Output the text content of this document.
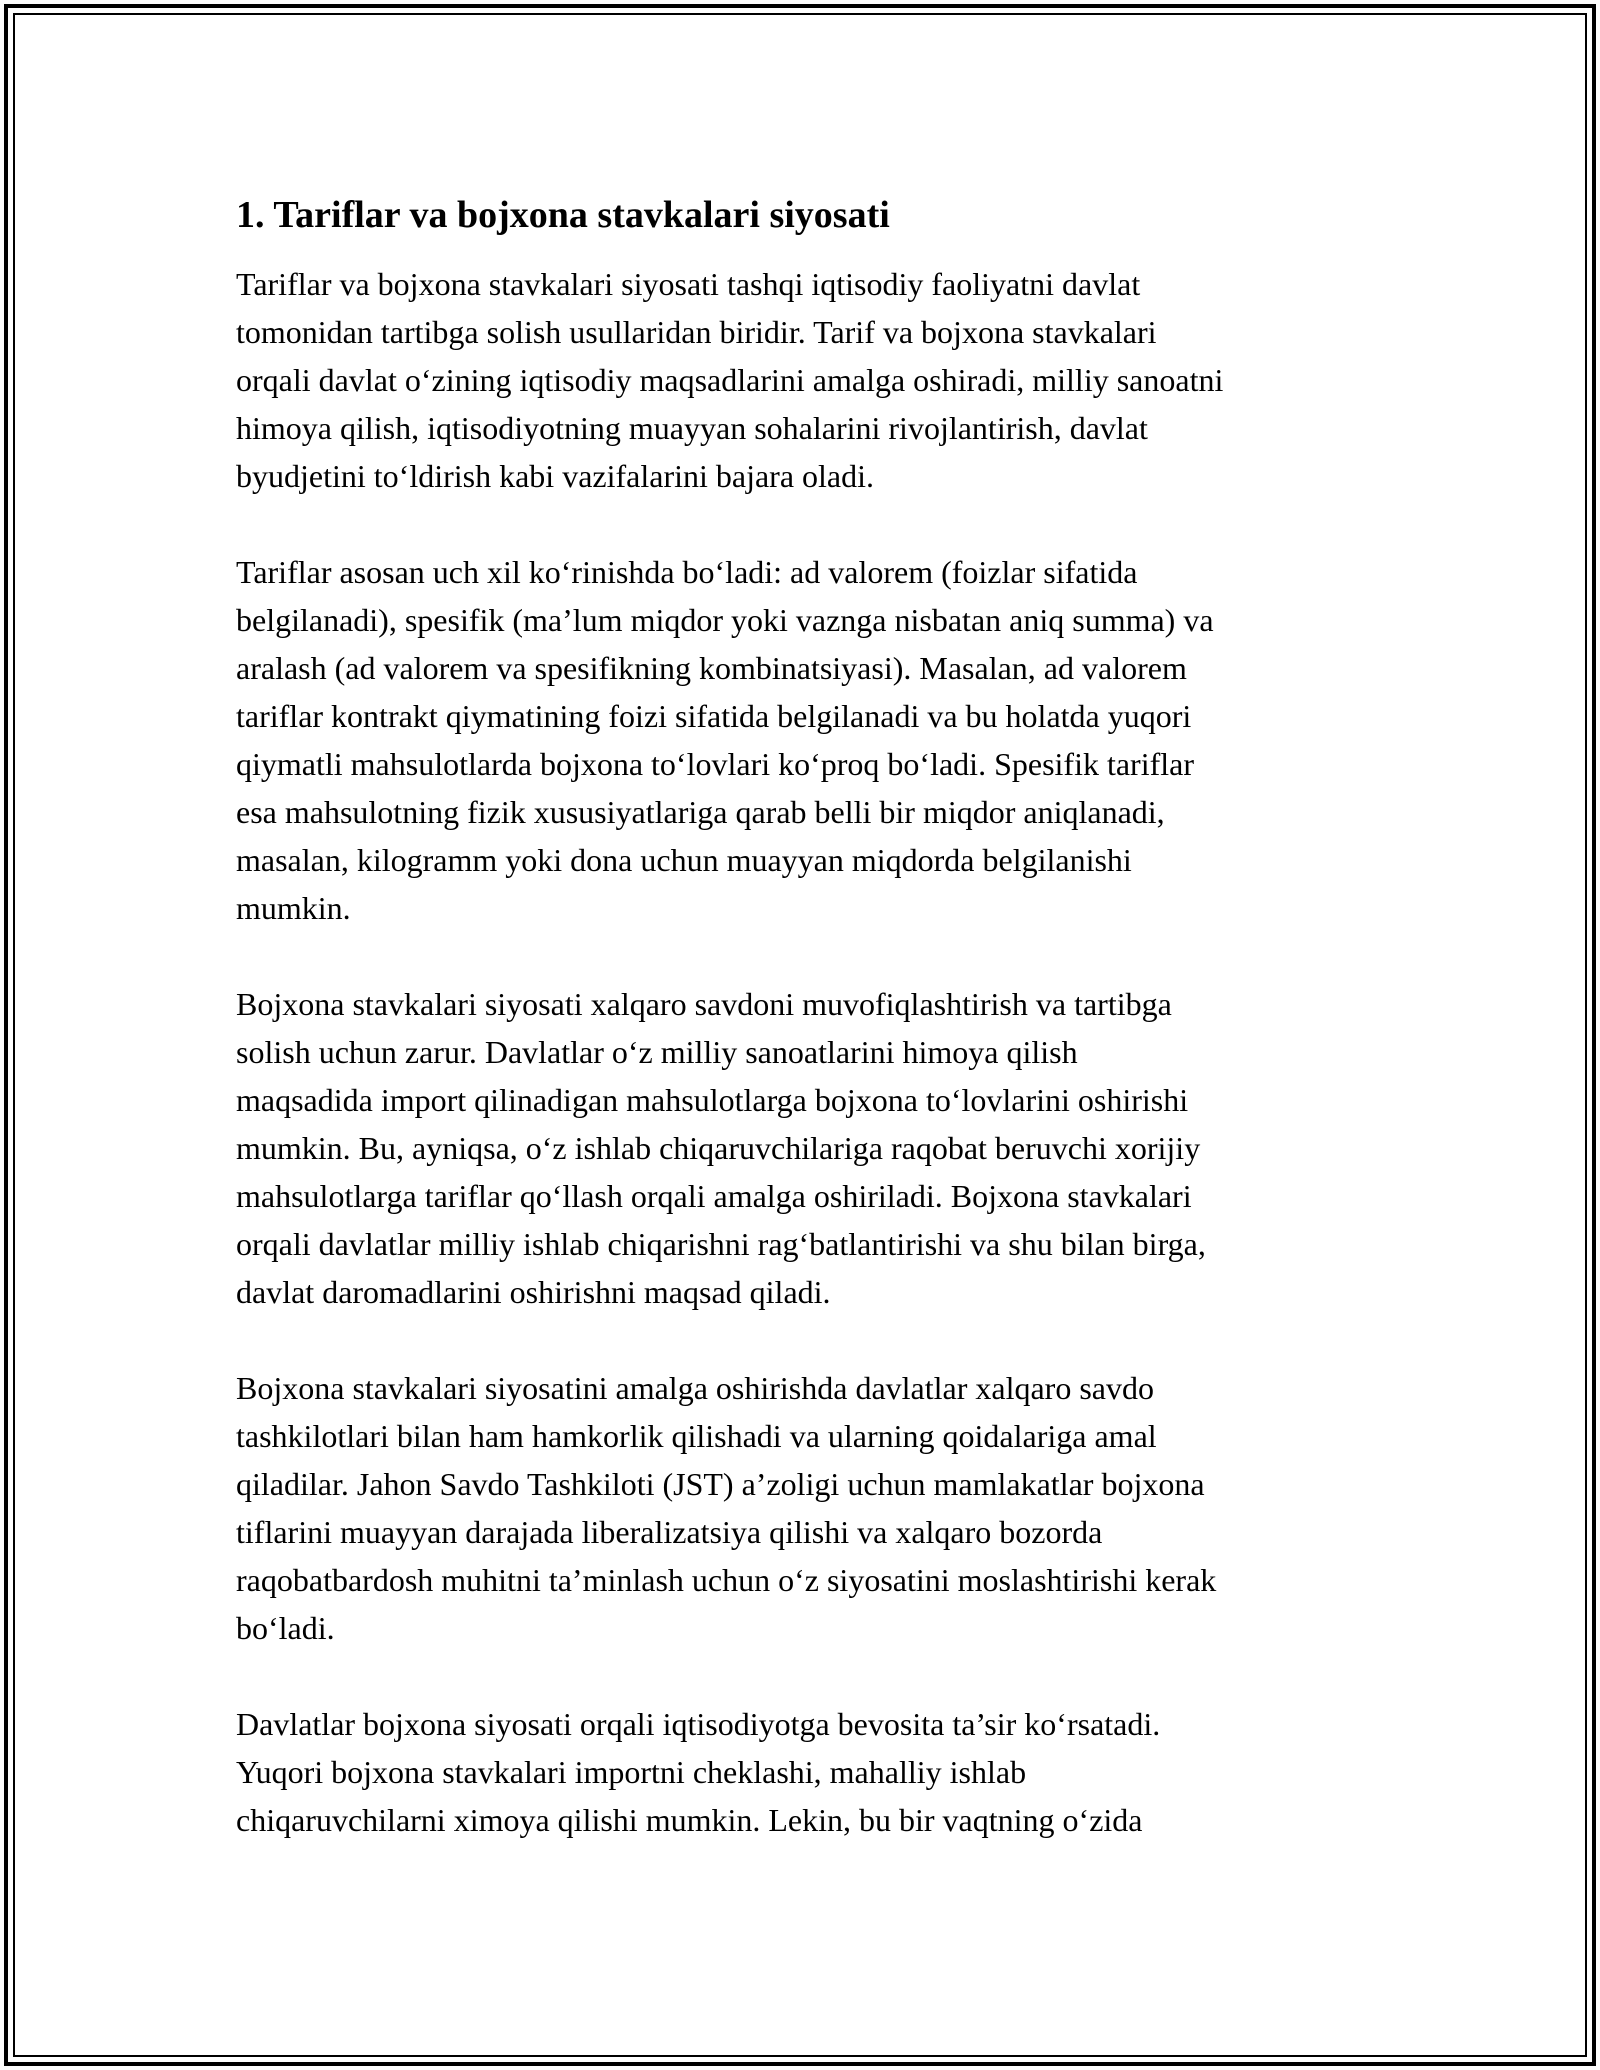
1. Tariflar va bojxona stavkalari siyosati

Tariflar va bojxona stavkalari siyosati tashqi iqtisodiy faoliyatni davlat
tomonidan tartibga solish usullaridan biridir. Tarif va bojxona stavkalari
orqali davlat o‘zining iqtisodiy maqsadlarini amalga oshiradi, milliy sanoatni
himoya qilish, iqtisodiyotning muayyan sohalarini rivojlantirish, davlat
byudjetini to‘ldirish kabi vazifalarini bajara oladi.

Tariflar asosan uch xil ko‘rinishda bo‘ladi: ad valorem (foizlar sifatida
belgilanadi), spesifik (ma’lum miqdor yoki vaznga nisbatan aniq summa) va
aralash (ad valorem va spesifikning kombinatsiyasi). Masalan, ad valorem
tariflar kontrakt qiymatining foizi sifatida belgilanadi va bu holatda yuqori
qiymatli mahsulotlarda bojxona to‘lovlari ko‘proq bo‘ladi. Spesifik tariflar
esa mahsulotning fizik xususiyatlariga qarab belli bir miqdor aniqlanadi,
masalan, kilogramm yoki dona uchun muayyan miqdorda belgilanishi
mumkin.

Bojxona stavkalari siyosati xalqaro savdoni muvofiqlashtirish va tartibga
solish uchun zarur. Davlatlar o‘z milliy sanoatlarini himoya qilish
maqsadida import qilinadigan mahsulotlarga bojxona to‘lovlarini oshirishi
mumkin. Bu, ayniqsa, o‘z ishlab chiqaruvchilariga raqobat beruvchi xorijiy
mahsulotlarga tariflar qo‘llash orqali amalga oshiriladi. Bojxona stavkalari
orqali davlatlar milliy ishlab chiqarishni rag‘batlantirishi va shu bilan birga,
davlat daromadlarini oshirishni maqsad qiladi.

Bojxona stavkalari siyosatini amalga oshirishda davlatlar xalqaro savdo
tashkilotlari bilan ham hamkorlik qilishadi va ularning qoidalariga amal
qiladilar. Jahon Savdo Tashkiloti (JST) a’zoligi uchun mamlakatlar bojxona
tiflarini muayyan darajada liberalizatsiya qilishi va xalqaro bozorda
raqobatbardosh muhitni ta’minlash uchun o‘z siyosatini moslashtirishi kerak
bo‘ladi.

Davlatlar bojxona siyosati orqali iqtisodiyotga bevosita ta’sir ko‘rsatadi.
Yuqori bojxona stavkalari importni cheklashi, mahalliy ishlab
chiqaruvchilarni ximoya qilishi mumkin. Lekin, bu bir vaqtning o‘zida
